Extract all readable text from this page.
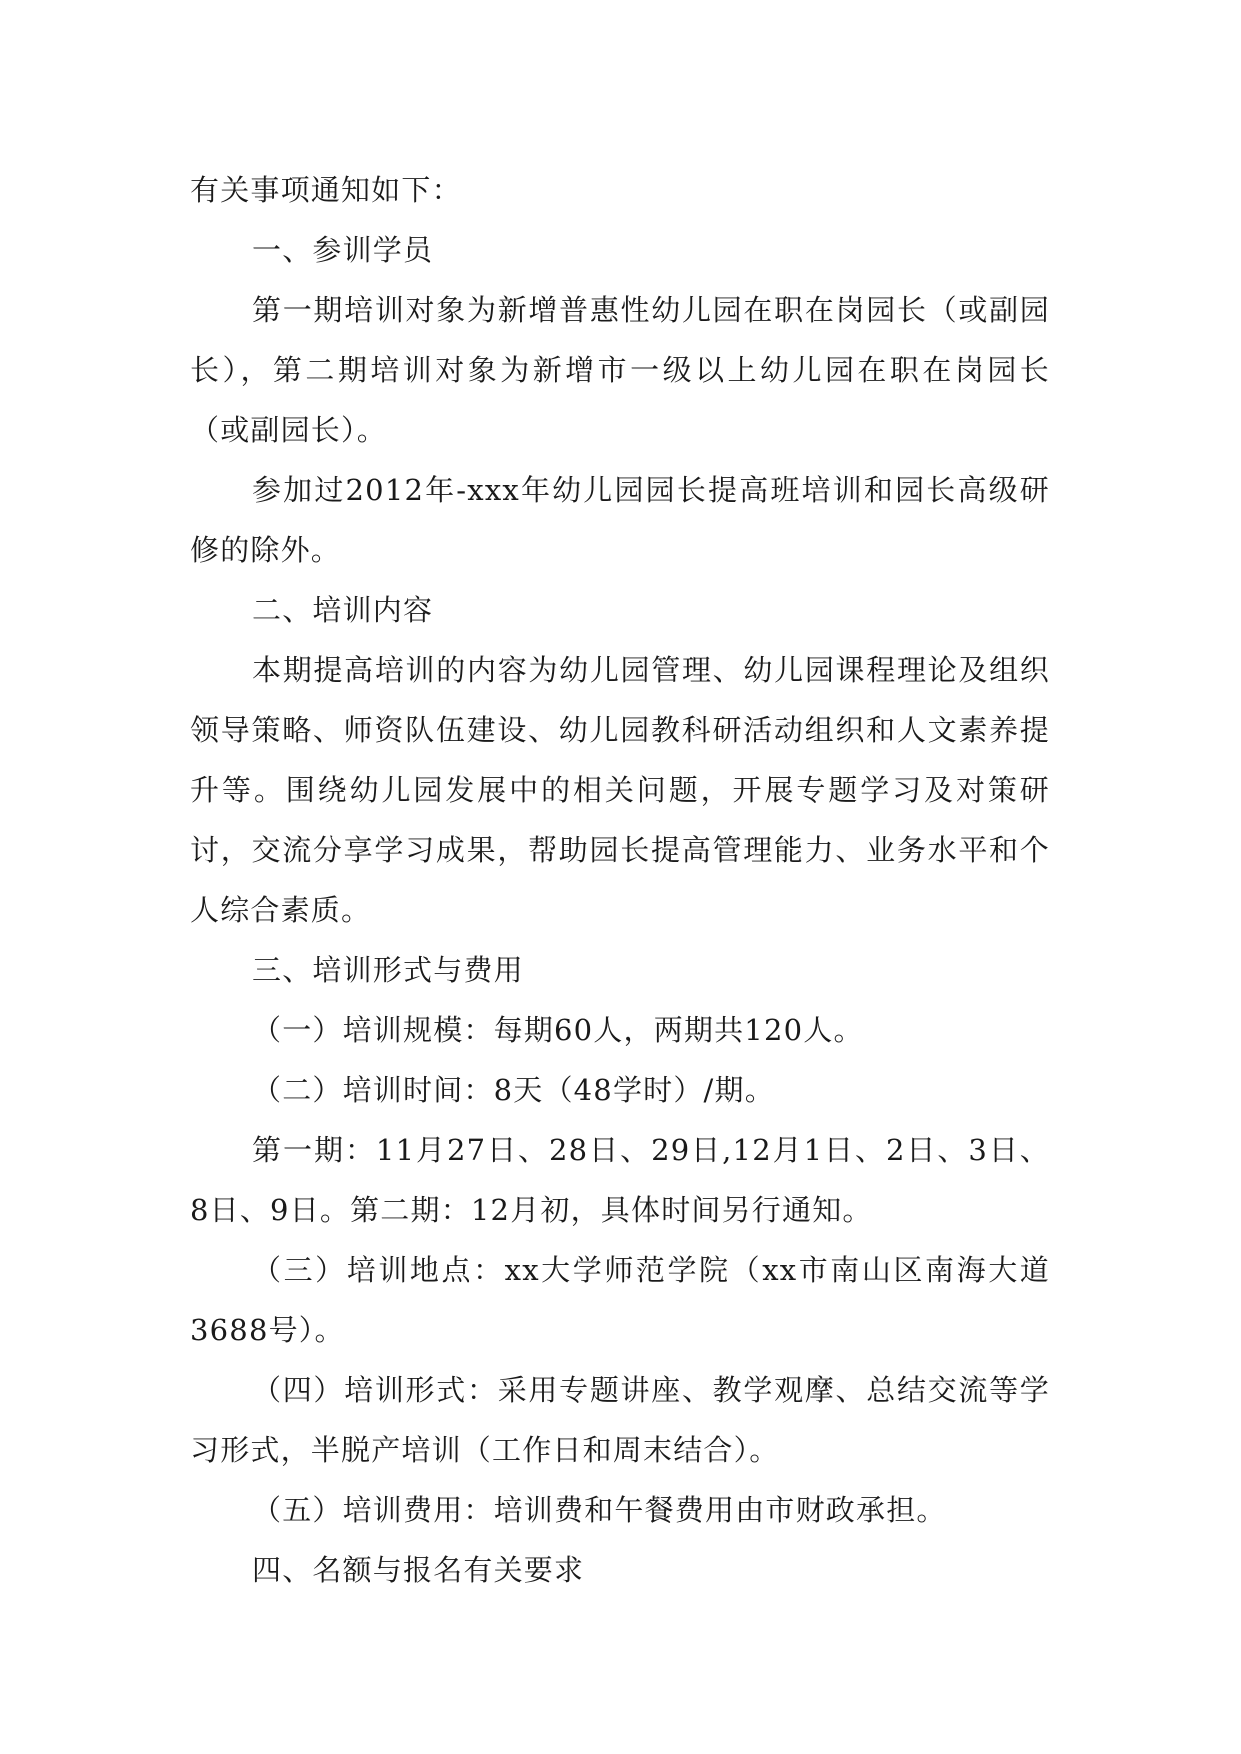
有关事项通知如下：

一、参训学员

第一期培训对象为新增普惠性幼儿园在职在岗园长（或副园长），第二期培训对象为新增市一级以上幼儿园在职在岗园长（或副园长）。

参加过2012年-xxx年幼儿园园长提高班培训和园长高级研修的除外。

二、培训内容

本期提高培训的内容为幼儿园管理、幼儿园课程理论及组织领导策略、师资队伍建设、幼儿园教科研活动组织和人文素养提升等。围绕幼儿园发展中的相关问题，开展专题学习及对策研讨，交流分享学习成果，帮助园长提高管理能力、业务水平和个人综合素质。

三、培训形式与费用

（一）培训规模：每期60人，两期共120人。

（二）培训时间：8天（48学时）/期。

第一期：11月27日、28日、29日,12月1日、2日、3日、8日、9日。第二期：12月初，具体时间另行通知。

（三）培训地点：xx大学师范学院（xx市南山区南海大道3688号）。

（四）培训形式：采用专题讲座、教学观摩、总结交流等学习形式，半脱产培训（工作日和周末结合）。

（五）培训费用：培训费和午餐费用由市财政承担。

四、名额与报名有关要求
